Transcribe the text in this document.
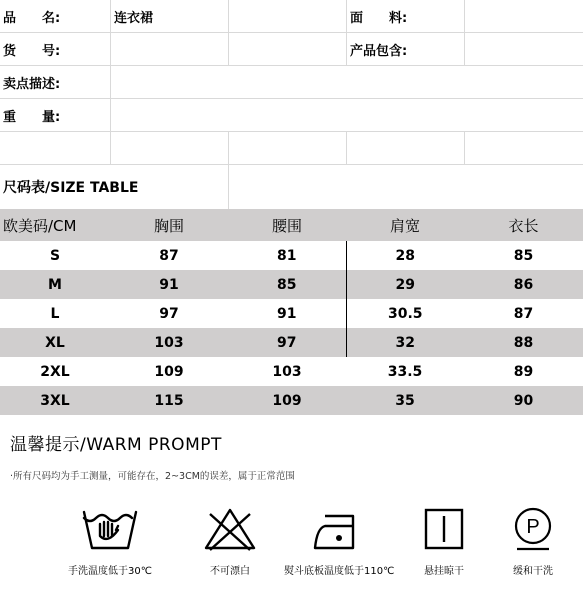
品　　名:	连衣裙	面　　料:
货　　号:	产品包含:
卖点描述:
重　　量:
尺码表/SIZE TABLE
欧美码/CM	胸围	腰围	肩宽	衣长
S	87	81	28	85
M	91	85	29	86
L	97	91	30.5	87
XL	103	97	32	88
2XL	109	103	33.5	89
3XL	115	109	35	90
温馨提示/WARM PROMPT
·所有尺码均为手工测量，可能存在，2~3CM的误差，属于正常范围
手洗温度低于30℃	不可漂白	熨斗底板温度低于110℃	悬挂晾干
P
缓和干洗
